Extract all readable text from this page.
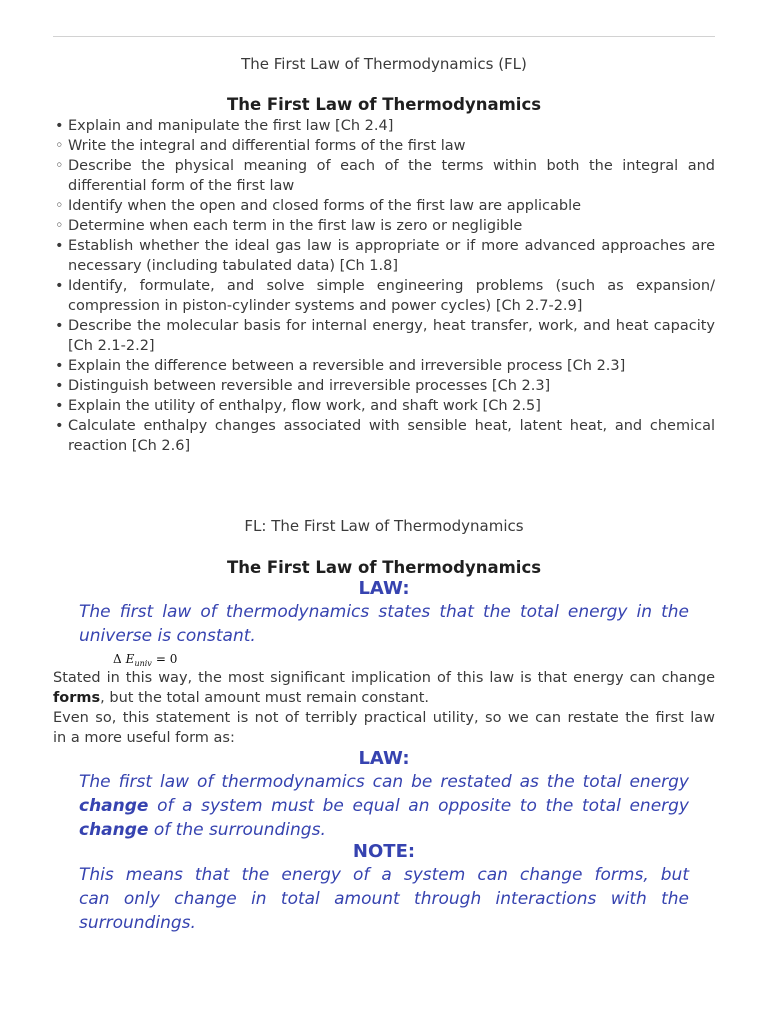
The First Law of Thermodynamics (FL)
The First Law of Thermodynamics
• Explain and manipulate the first law [Ch 2.4]
◦ Write the integral and differential forms of the first law
◦ Describe the physical meaning of each of the terms within both the integral and
differential form of the first law
◦ Identify when the open and closed forms of the first law are applicable
◦ Determine when each term in the first law is zero or negligible
• Establish whether the ideal gas law is appropriate or if more advanced approaches are
necessary (including tabulated data) [Ch 1.8]
• Identify, formulate, and solve simple engineering problems (such as expansion/
compression in piston-cylinder systems and power cycles) [Ch 2.7-2.9]
• Describe the molecular basis for internal energy, heat transfer, work, and heat capacity
[Ch 2.1-2.2]
• Explain the difference between a reversible and irreversible process [Ch 2.3]
• Distinguish between reversible and irreversible processes [Ch 2.3]
• Explain the utility of enthalpy, flow work, and shaft work [Ch 2.5]
• Calculate enthalpy changes associated with sensible heat, latent heat, and chemical
reaction [Ch 2.6]
FL: The First Law of Thermodynamics
The First Law of Thermodynamics
LAW:
The first law of thermodynamics states that the total energy in the
universe is constant.
Δ $E_{univ} = 0$
Stated in this way, the most significant implication of this law is that energy can change
forms, but the total amount must remain constant.
Even so, this statement is not of terribly practical utility, so we can restate the first law
in a more useful form as:
LAW:
The first law of thermodynamics can be restated as the total energy
change of a system must be equal an opposite to the total energy
change of the surroundings.
NOTE:
This means that the energy of a system can change forms, but
can only change in total amount through interactions with the
surroundings.
